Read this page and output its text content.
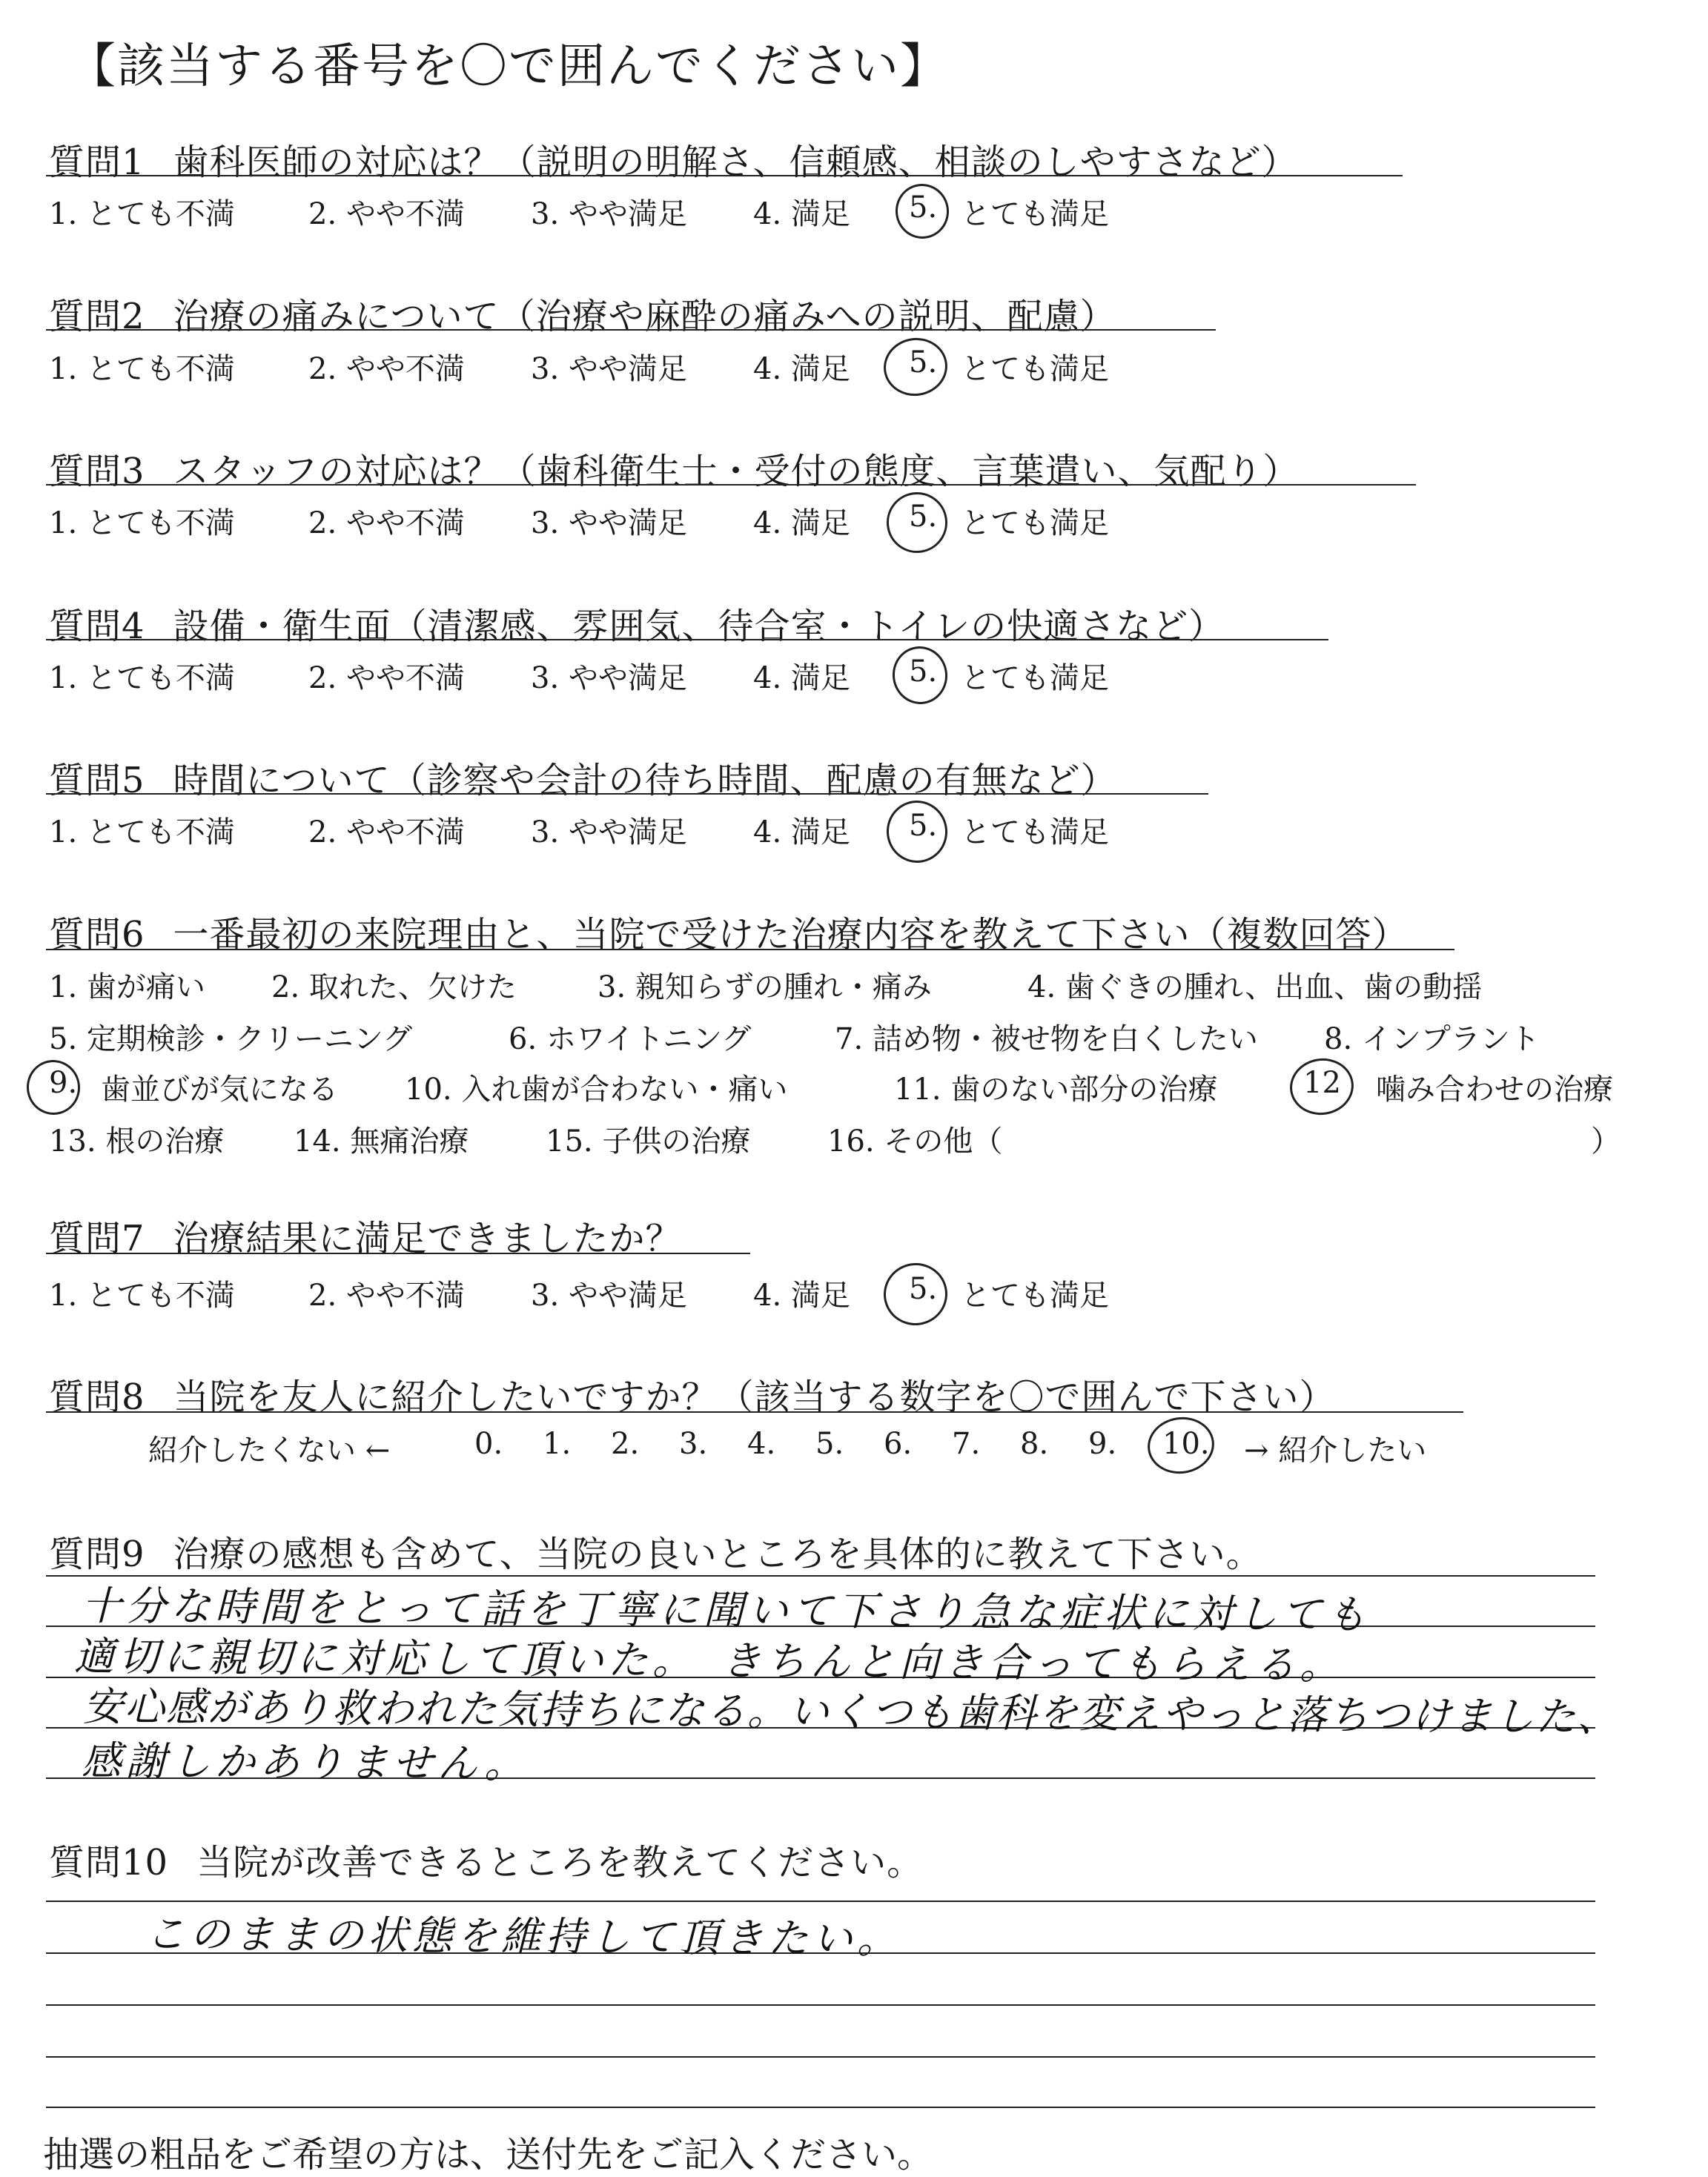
【該当する番号を〇で囲んでください】
質問1 歯科医師の対応は？（説明の明解さ、信頼感、相談のしやすさなど）
1. とても不満 2. やや不満 3. やや満足 4. 満足 5. とても満足
質問2 治療の痛みについて（治療や麻酔の痛みへの説明、配慮）
1. とても不満 2. やや不満 3. やや満足 4. 満足 5. とても満足
質問3 スタッフの対応は？（歯科衛生士・受付の態度、言葉遣い、気配り）
1. とても不満 2. やや不満 3. やや満足 4. 満足 5. とても満足
質問4 設備・衛生面（清潔感、雰囲気、待合室・トイレの快適さなど）
1. とても不満 2. やや不満 3. やや満足 4. 満足 5. とても満足
質問5 時間について（診察や会計の待ち時間、配慮の有無など）
1. とても不満 2. やや不満 3. やや満足 4. 満足 5. とても満足
質問6 一番最初の来院理由と、当院で受けた治療内容を教えて下さい（複数回答）
1. 歯が痛い 2. 取れた、欠けた	3. 親知らずの腫れ・痛み	4. 歯ぐきの腫れ、出血、歯の動揺
5. 定期検診・クリーニング	6. ホワイトニング	7. 詰め物・被せ物を白くしたい 8. インプラント
9. 歯並びが気になる 10. 入れ歯が合わない・痛い	11. 歯のない部分の治療	12 噛み合わせの治療
13. 根の治療 14. 無痛治療	15. 子供の治療	16. その他（	）
質問7 治療結果に満足できましたか？
1. とても不満 2. やや不満 3. やや満足 4. 満足 5. とても満足
質問8 当院を友人に紹介したいですか？（該当する数字を〇で囲んで下さい）
紹介したくない ←	0. 1. 2. 3. 4. 5. 6. 7. 8. 9. 10. → 紹介したい
質問9 治療の感想も含めて、当院の良いところを具体的に教えて下さい。
十分な時間をとって話を丁寧に聞いて下さり急な症状に対しても
適切に親切に対応して頂いた。　きちんと向き合ってもらえる。
安心感があり救われた気持ちになる。いくつも歯科を変えやっと落ちつけました、
感謝しかありません。
質問10 当院が改善できるところを教えてください。
このままの状態を維持して頂きたい。
抽選の粗品をご希望の方は、送付先をご記入ください。
